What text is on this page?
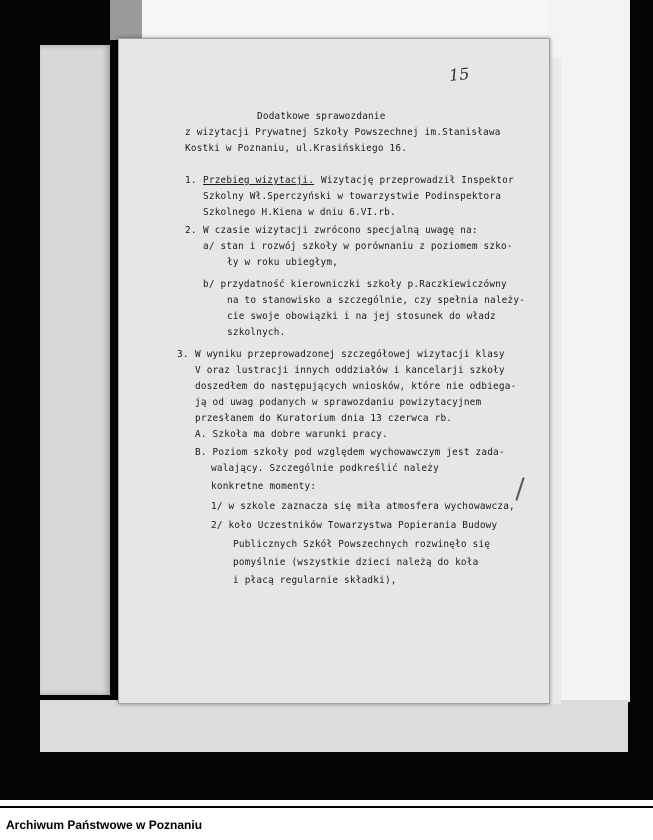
15
Dodatkowe sprawozdanie
z wizytacji Prywatnej Szkoły Powszechnej im.Stanisława
Kostki w Poznaniu, ul.Krasińskiego 16.
1. Przebieg wizytacji. Wizytację przeprowadził Inspektor
Szkolny Wł.Sperczyński w towarzystwie Podinspektora
Szkolnego H.Kiena w dniu 6.VI.rb.
2. W czasie wizytacji zwrócono specjalną uwagę na:
a/ stan i rozwój szkoły w porównaniu z poziomem szko-
ły w roku ubiegłym,
b/ przydatność kierowniczki szkoły p.Raczkiewiczówny
na to stanowisko a szczególnie, czy spełnia należy-
cie swoje obowiązki i na jej stosunek do władz
szkolnych.
3. W wyniku przeprowadzonej szczegółowej wizytacji klasy
V oraz lustracji innych oddziałów i kancelarji szkoły
doszedłem do następujących wniosków, które nie odbiega-
ją od uwag podanych w sprawozdaniu powizytacyjnem
przesłanem do Kuratorium dnia 13 czerwca rb.
A. Szkoła ma dobre warunki pracy.
B. Poziom szkoły pod względem wychowawczym jest zada-
walający. Szczególnie podkreślić należy
konkretne momenty:
1/ w szkole zaznacza się miła atmosfera wychowawcza,
2/ koło Uczestników Towarzystwa Popierania Budowy
Publicznych Szkół Powszechnych rozwinęło się
pomyślnie (wszystkie dzieci należą do koła
i płacą regularnie składki),
Archiwum Państwowe w Poznaniu
